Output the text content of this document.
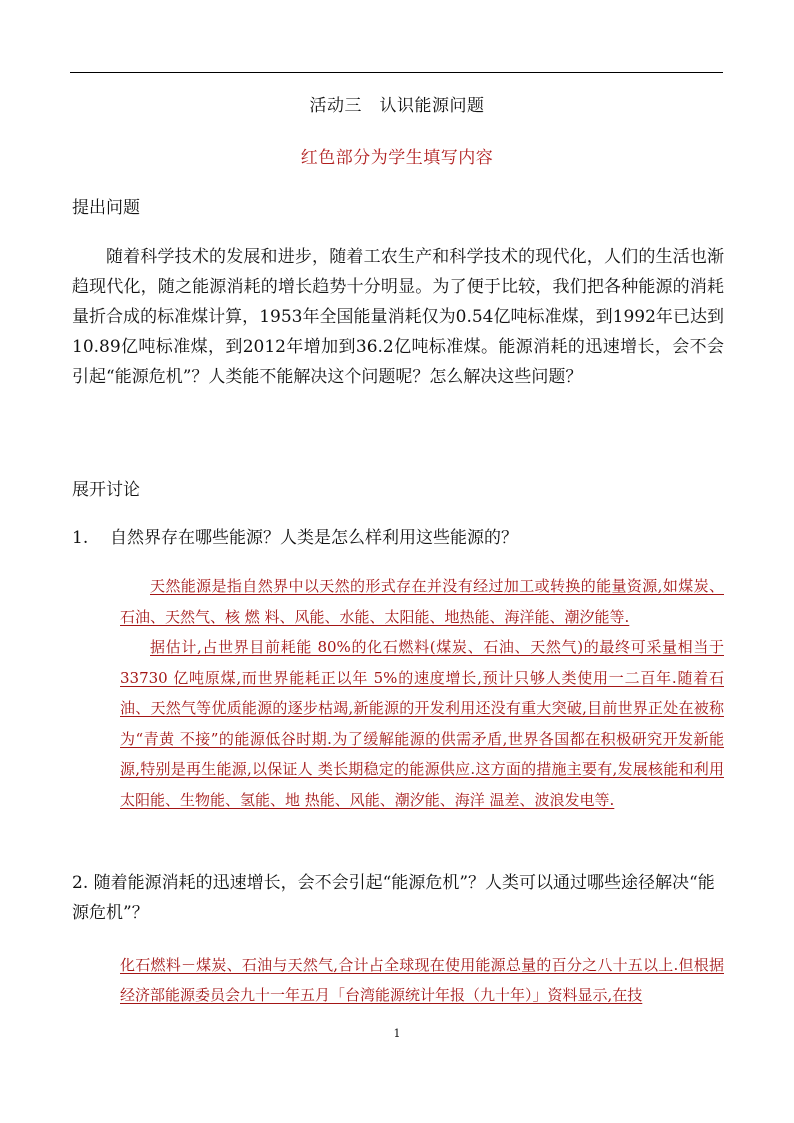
活动三　认识能源问题
红色部分为学生填写内容
提出问题
随着科学技术的发展和进步，随着工农生产和科学技术的现代化，人们的生活也渐趋现代化，随之能源消耗的增长趋势十分明显。为了便于比较，我们把各种能源的消耗量折合成的标准煤计算，1953年全国能量消耗仅为0.54亿吨标准煤，到1992年已达到10.89亿吨标准煤，到2012年增加到36.2亿吨标准煤。能源消耗的迅速增长，会不会引起“能源危机”？人类能不能解决这个问题呢？怎么解决这些问题？
展开讨论
1. 自然界存在哪些能源？人类是怎么样利用这些能源的？

天然能源是指自然界中以天然的形式存在并没有经过加工或转换的能量资源,如煤炭、石油、天然气、核 燃 料、风能、水能、太阳能、地热能、海洋能、潮汐能等.

据估计,占世界目前耗能 80%的化石燃料(煤炭、石油、天然气)的最终可采量相当于 33730 亿吨原煤,而世界能耗正以年 5%的速度增长,预计只够人类使用一二百年.随着石油、天然气等优质能源的逐步枯竭,新能源的开发利用还没有重大突破,目前世界正处在被称为“青黄 不接”的能源低谷时期.为了缓解能源的供需矛盾,世界各国都在积极研究开发新能源,特别是再生能源,以保证人 类长期稳定的能源供应.这方面的措施主要有,发展核能和利用太阳能、生物能、氢能、地 热能、风能、潮汐能、海洋 温差、波浪发电等.

2. 随着能源消耗的迅速增长，会不会引起“能源危机”？人类可以通过哪些途径解决“能源危机”？
化石燃料－煤炭、石油与天然气,合计占全球现在使用能源总量的百分之八十五以上.但根据经济部能源委员会九十一年五月「台湾能源统计年报（九十年）」资料显示,在技
1
